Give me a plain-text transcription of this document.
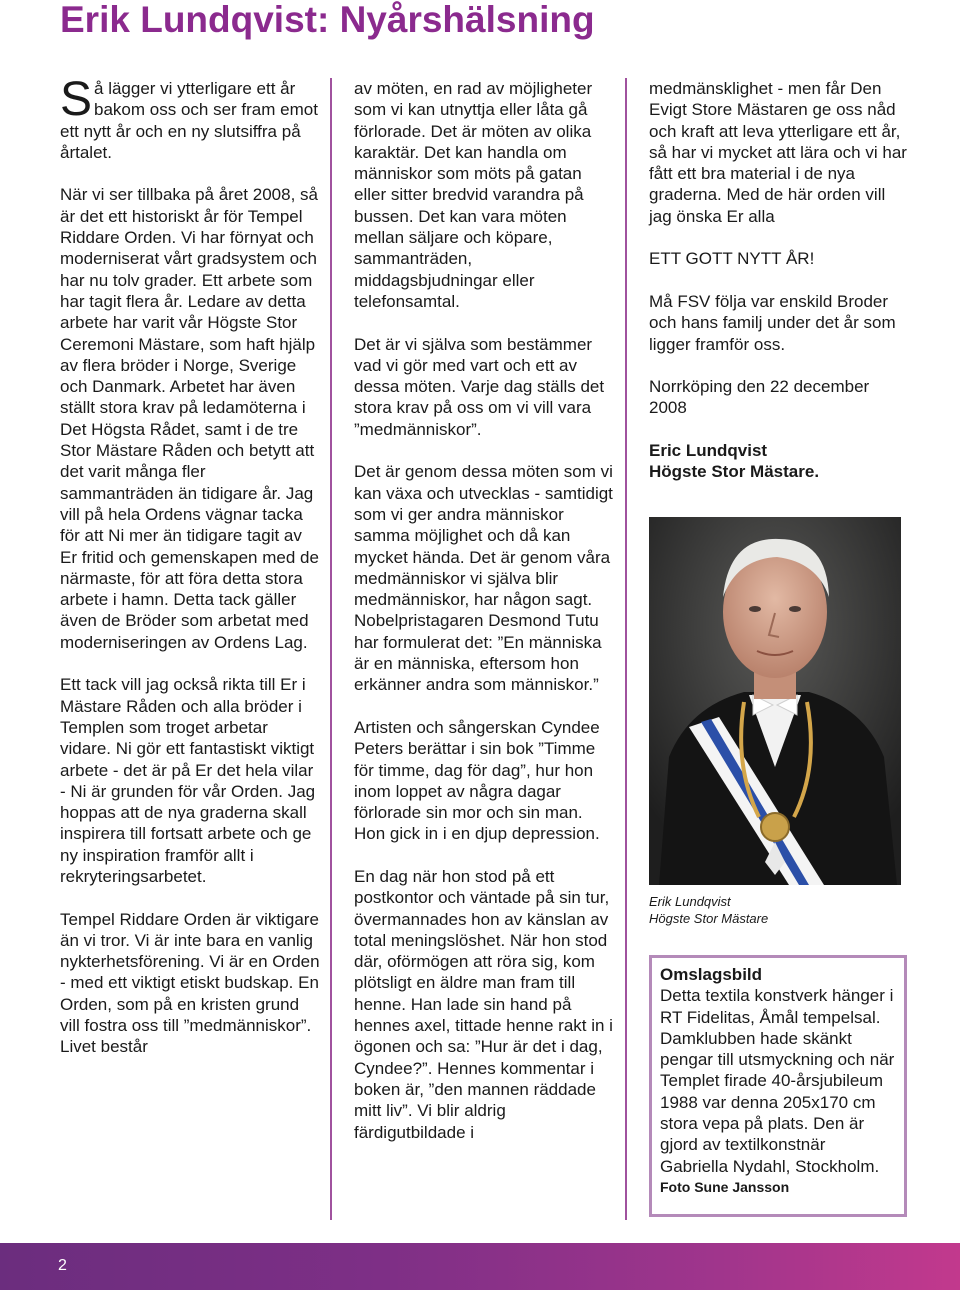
Erik Lundqvist: Nyårshälsning

Så lägger vi ytterligare ett år bakom oss och ser fram emot ett nytt år och en ny slutsiffra på årtalet.

När vi ser tillbaka på året 2008, så är det ett historiskt år för Tempel Riddare Orden. Vi har förnyat och moderniserat vårt gradsystem och har nu tolv grader. Ett arbete som har tagit flera år. Ledare av detta arbete har varit vår Högste Stor Ceremoni Mästare, som haft hjälp av flera bröder i Norge, Sverige och Danmark. Arbetet har även ställt stora krav på ledamöterna i Det Högsta Rådet, samt i de tre Stor Mästare Råden och betytt att det varit många fler sammanträden än tidigare år. Jag vill på hela Ordens vägnar tacka för att Ni mer än tidigare tagit av Er fritid och gemenskapen med de närmaste, för att föra detta stora arbete i hamn. Detta tack gäller även de Bröder som arbetat med moderniseringen av Ordens Lag.

Ett tack vill jag också rikta till Er i Mästare Råden och alla bröder i Templen som troget arbetar vidare. Ni gör ett fantastiskt viktigt arbete - det är på Er det hela vilar - Ni är grunden för vår Orden. Jag hoppas att de nya graderna skall inspirera till fortsatt arbete och ge ny inspiration framför allt i rekryteringsarbetet.

Tempel Riddare Orden är viktigare än vi tror. Vi är inte bara en vanlig nykterhetsförening. Vi är en Orden - med ett viktigt etiskt budskap. En Orden, som på en kristen grund vill fostra oss till ”medmänniskor”. Livet består

av möten, en rad av möjligheter som vi kan utnyttja eller låta gå förlorade. Det är möten av olika karaktär. Det kan handla om människor som möts på gatan eller sitter bredvid varandra på bussen. Det kan vara möten mellan säljare och köpare, sammanträden, middagsbjudningar eller telefonsamtal.

Det är vi själva som bestämmer vad vi gör med vart och ett av dessa möten. Varje dag ställs det stora krav på oss om vi vill vara ”medmänniskor”.

Det är genom dessa möten som vi kan växa och utvecklas - samtidigt som vi ger andra människor samma möjlighet och då kan mycket hända. Det är genom våra medmänniskor vi själva blir medmänniskor, har någon sagt. Nobelpristagaren Desmond Tutu har formulerat det: ”En människa är en människa, eftersom hon erkänner andra som människor.”

Artisten och sångerskan Cyndee Peters berättar i sin bok ”Timme för timme, dag för dag”, hur hon inom loppet av några dagar förlorade sin mor och sin man. Hon gick in i en djup depression.

En dag när hon stod på ett postkontor och väntade på sin tur, övermannades hon av känslan av total meningslöshet. När hon stod där, oförmögen att röra sig, kom plötsligt en äldre man fram till henne. Han lade sin hand på hennes axel, tittade henne rakt in i ögonen och sa: ”Hur är det i dag, Cyndee?”. Hennes kommentar i boken är, ”den mannen räddade mitt liv”. Vi blir aldrig färdigutbildade i

medmänsklighet - men får Den Evigt Store Mästaren ge oss nåd och kraft att leva ytterligare ett år, så har vi mycket att lära och vi har fått ett bra material i de nya graderna. Med de här orden vill jag önska Er alla

ETT GOTT NYTT ÅR!

Må FSV följa var enskild Broder och hans familj under det år som ligger framför oss.

Norrköping den 22 december 2008

Eric Lundqvist
Högste Stor Mästare.

Erik Lundqvist
Högste Stor Mästare
Omslagsbild
Detta textila konstverk hänger i RT Fidelitas, Åmål tempelsal. Damklubben hade skänkt pengar till utsmyckning och när Templet firade 40-årsjubileum 1988 var denna 205x170 cm stora vepa på plats. Den är gjord av textilkonstnär Gabriella Nydahl, Stockholm.
Foto Sune Jansson
2
